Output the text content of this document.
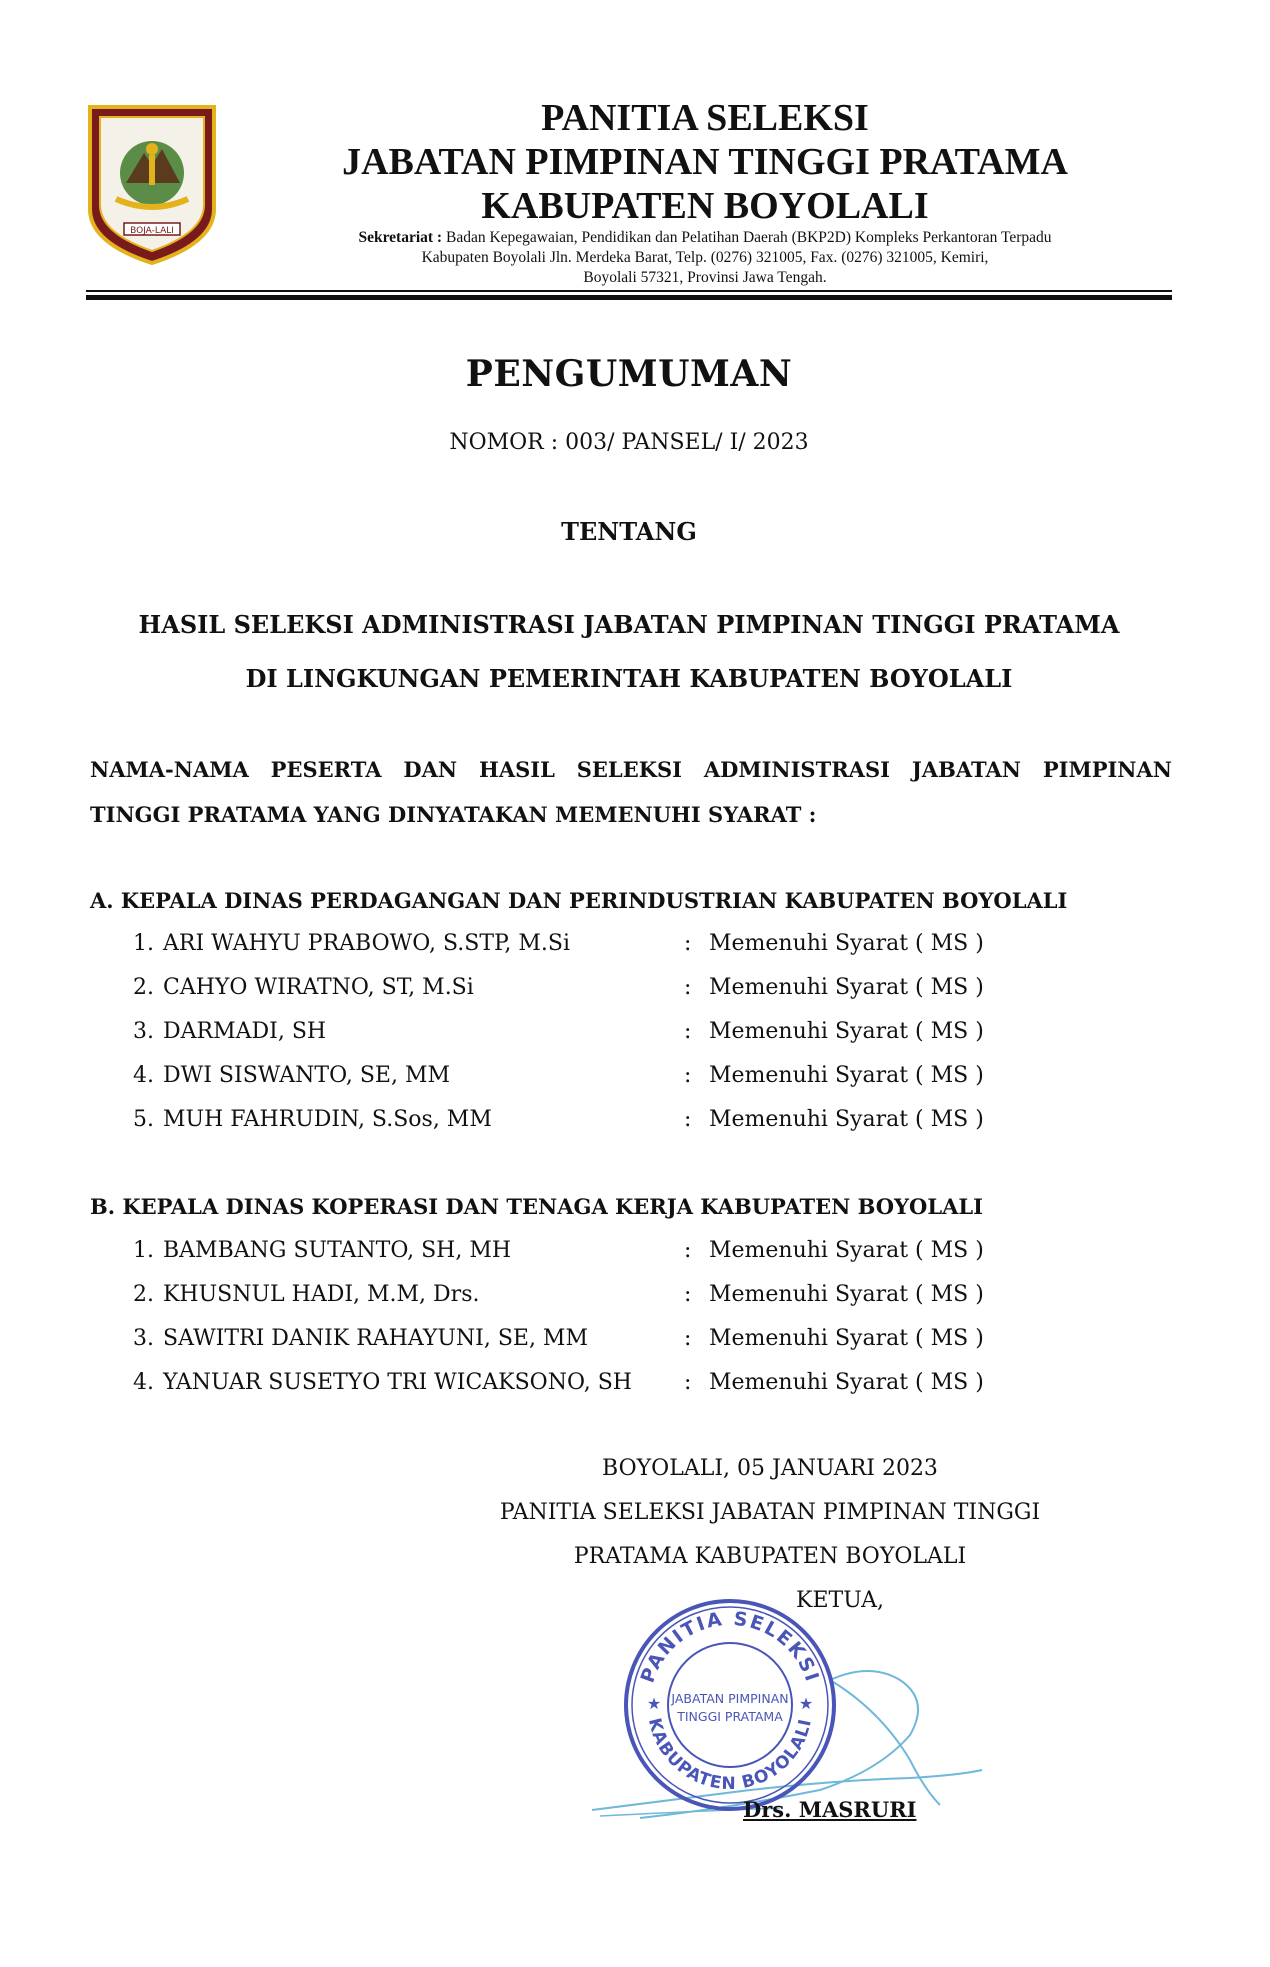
BOJA-LALI
PANITIA SELEKSI
JABATAN PIMPINAN TINGGI PRATAMA
KABUPATEN BOYOLALI
Sekretariat : Badan Kepegawaian, Pendidikan dan Pelatihan Daerah (BKP2D) Kompleks Perkantoran Terpadu
Kabupaten Boyolali Jln. Merdeka Barat, Telp. (0276) 321005, Fax. (0276) 321005, Kemiri,
Boyolali 57321, Provinsi Jawa Tengah.
PENGUMUMAN
NOMOR : 003/ PANSEL/ I/ 2023
TENTANG
HASIL SELEKSI ADMINISTRASI JABATAN PIMPINAN TINGGI PRATAMA
DI LINGKUNGAN PEMERINTAH KABUPATEN BOYOLALI
NAMA-NAMA PESERTA DAN HASIL SELEKSI ADMINISTRASI JABATAN PIMPINAN
TINGGI PRATAMA YANG DINYATAKAN MEMENUHI SYARAT :
A. KEPALA DINAS PERDAGANGAN DAN PERINDUSTRIAN KABUPATEN BOYOLALI
1. ARI WAHYU PRABOWO, S.STP, M.Si	: Memenuhi Syarat ( MS )
2. CAHYO WIRATNO, ST, M.Si	: Memenuhi Syarat ( MS )
3. DARMADI, SH	: Memenuhi Syarat ( MS )
4. DWI SISWANTO, SE, MM	: Memenuhi Syarat ( MS )
5. MUH FAHRUDIN, S.Sos, MM	: Memenuhi Syarat ( MS )
B. KEPALA DINAS KOPERASI DAN TENAGA KERJA KABUPATEN BOYOLALI
1. BAMBANG SUTANTO, SH, MH	: Memenuhi Syarat ( MS )
2. KHUSNUL HADI, M.M, Drs.	: Memenuhi Syarat ( MS )
3. SAWITRI DANIK RAHAYUNI, SE, MM	: Memenuhi Syarat ( MS )
4. YANUAR SUSETYO TRI WICAKSONO, SH : Memenuhi Syarat ( MS )
BOYOLALI, 05 JANUARI 2023
PANITIA SELEKSI JABATAN PIMPINAN TINGGI
PRATAMA KABUPATEN BOYOLALI
KETUA,
PANITIA SELEKSI
KABUPATEN BOYOLALI
JABATAN PIMPINAN
TINGGI PRATAMA
★	★
Drs. MASRURI
